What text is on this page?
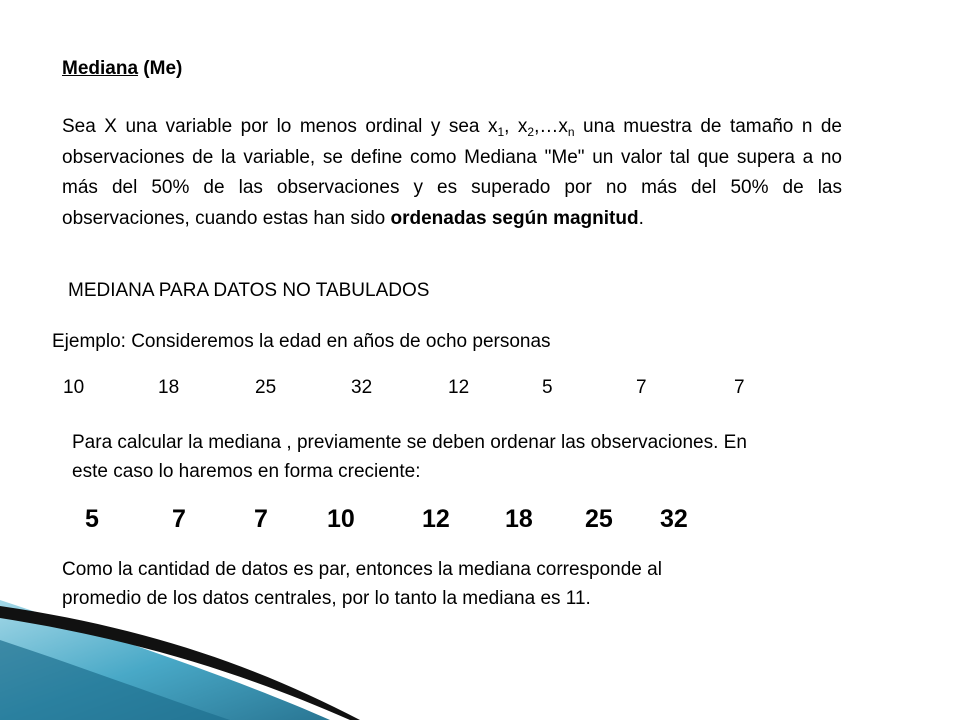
Mediana (Me)
Sea X una variable por lo menos ordinal y sea $x_1$, $x_2,\dots x_n$ una muestra de tamaño n de observaciones de la variable, se define como Mediana "Me" un valor tal que supera a no más del 50% de las observaciones y es superado por no más del 50% de las observaciones, cuando estas han sido ordenadas según magnitud.
MEDIANA PARA DATOS NO TABULADOS
Ejemplo: Consideremos la edad en años de ocho personas
10	18	25	32	12	5	7	7
Para calcular la mediana , previamente se deben ordenar las observaciones. En este caso lo haremos en forma creciente:
5	7	7 10	12 18 25 32
Como la cantidad de datos es par, entonces la mediana corresponde al promedio de los datos centrales, por lo tanto la mediana es 11.
